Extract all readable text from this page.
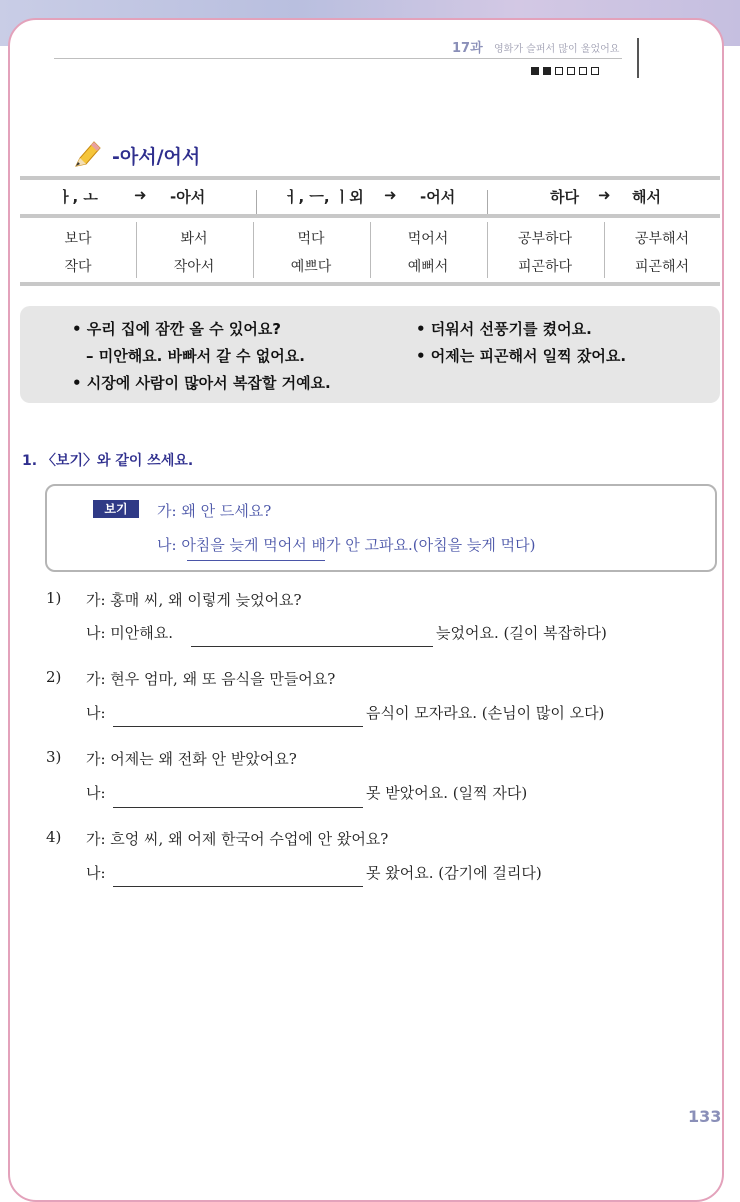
17과 영화가 슬퍼서 많이 울었어요
-아서/어서
ㅏ, ㅗ ➜ -아서	ㅓ, ㅡ, ㅣ외 ➜ -어서	하다 ➜ 해서
보다	봐서	먹다	먹어서	공부하다	공부해서
작다	작아서	예쁘다	예뻐서	피곤하다	피곤해서
• 우리 집에 잠깐 올 수 있어요?
– 미안해요. 바빠서 갈 수 없어요.
• 시장에 사람이 많아서 복잡할 거예요.
• 더워서 선풍기를 켰어요.
• 어제는 피곤해서 일찍 잤어요.
1. 〈보기〉와 같이 쓰세요.
보기	가: 왜 안 드세요?
나: 아침을 늦게 먹어서 배가 안 고파요.(아침을 늦게 먹다)
1) 가: 홍매 씨, 왜 이렇게 늦었어요?
나: 미안해요.	늦었어요. (길이 복잡하다)
2) 가: 현우 엄마, 왜 또 음식을 만들어요?
나:	음식이 모자라요. (손님이 많이 오다)
3) 가: 어제는 왜 전화 안 받았어요?
나:	못 받았어요. (일찍 자다)
4) 가: 흐엉 씨, 왜 어제 한국어 수업에 안 왔어요?
나:	못 왔어요. (감기에 걸리다)
133
